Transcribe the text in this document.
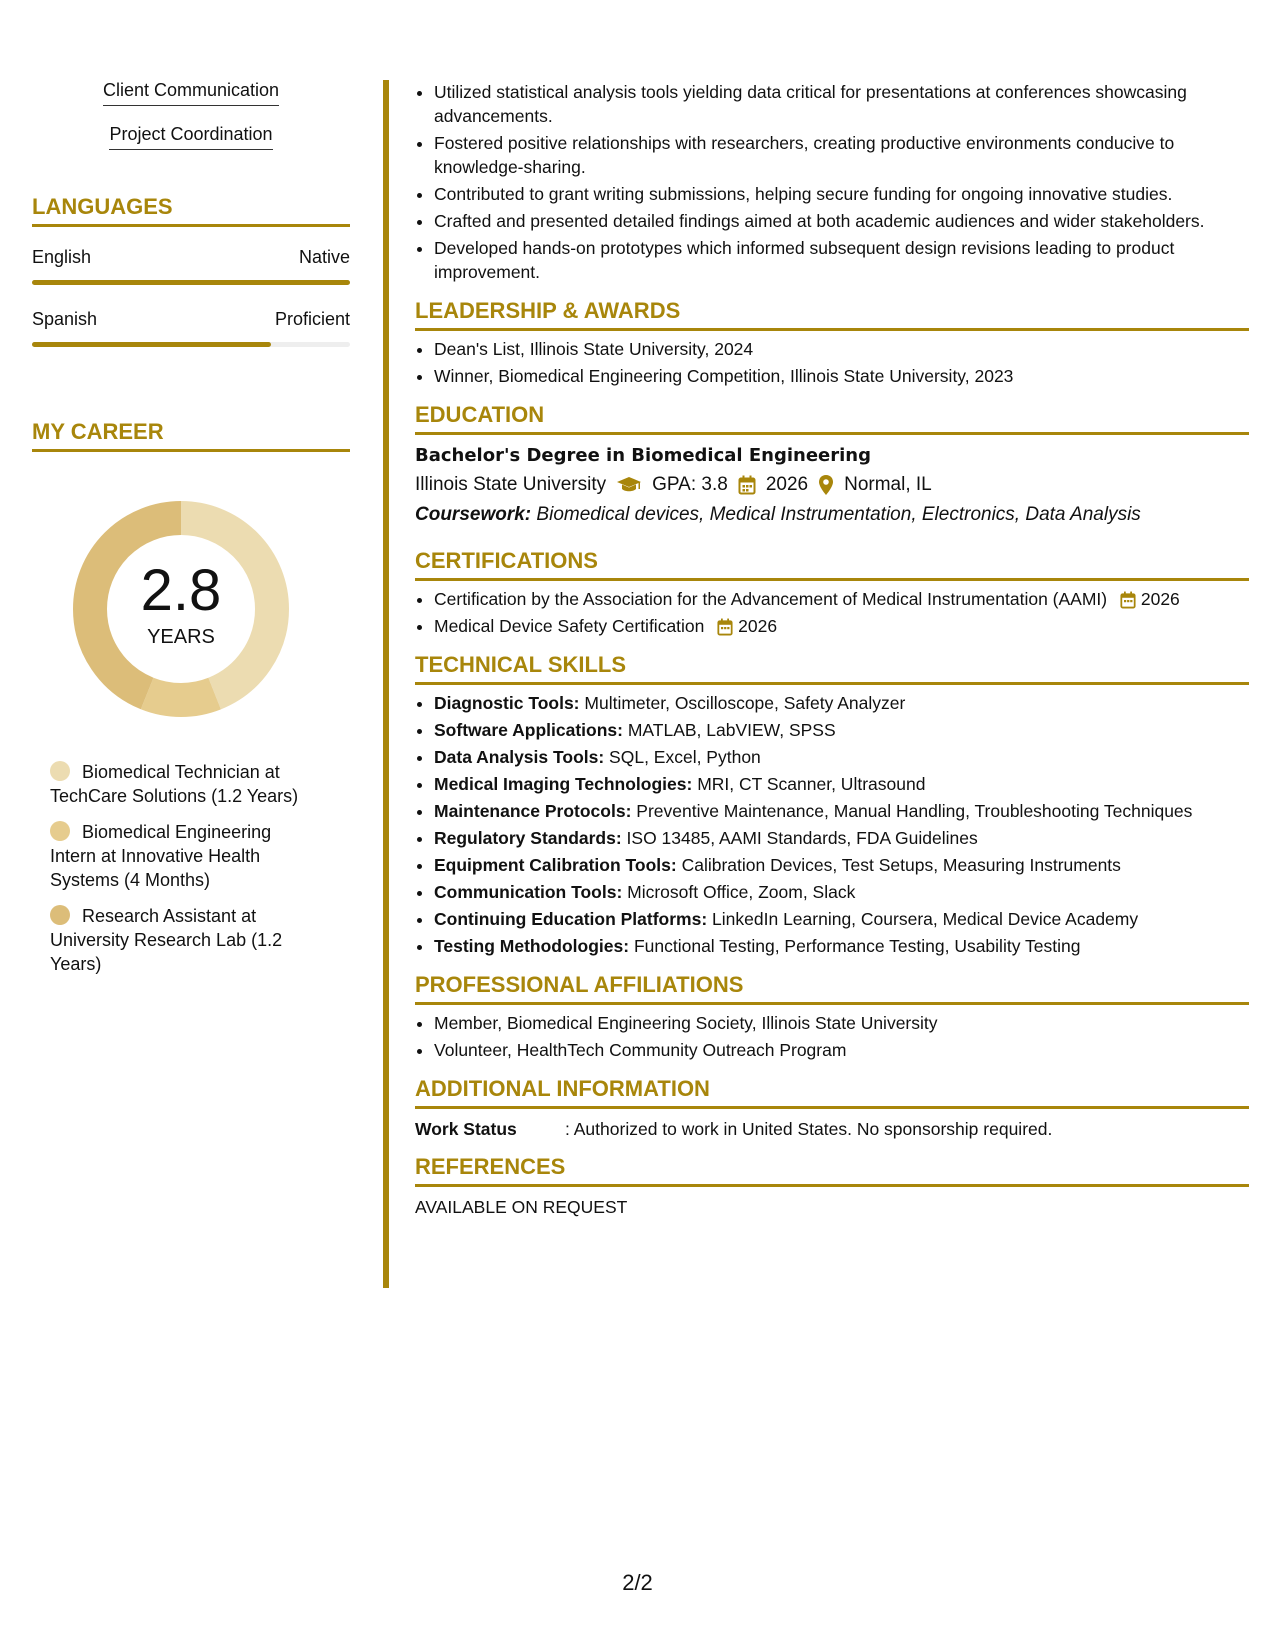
Client Communication
Project Coordination
LANGUAGES
English	Native
Spanish	Proficient
MY CAREER
2.8
YEARS
Biomedical Technician at TechCare Solutions (1.2 Years)
Biomedical Engineering Intern at Innovative Health Systems (4 Months)
Research Assistant at University Research Lab (1.2 Years)
• Utilized statistical analysis tools yielding data critical for presentations at conferences showcasing advancements.
• Fostered positive relationships with researchers, creating productive environments conducive to knowledge-sharing.
• Contributed to grant writing submissions, helping secure funding for ongoing innovative studies.
• Crafted and presented detailed findings aimed at both academic audiences and wider stakeholders.
• Developed hands-on prototypes which informed subsequent design revisions leading to product improvement.
LEADERSHIP & AWARDS
• Dean's List, Illinois State University, 2024
• Winner, Biomedical Engineering Competition, Illinois State University, 2023
EDUCATION
Bachelor's Degree in Biomedical Engineering
Illinois State University GPA: 3.8 2026 Normal, IL
Coursework: Biomedical devices, Medical Instrumentation, Electronics, Data Analysis
CERTIFICATIONS
• Certification by the Association for the Advancement of Medical Instrumentation (AAMI) 2026
• Medical Device Safety Certification 2026
TECHNICAL SKILLS
• Diagnostic Tools: Multimeter, Oscilloscope, Safety Analyzer
• Software Applications: MATLAB, LabVIEW, SPSS
• Data Analysis Tools: SQL, Excel, Python
• Medical Imaging Technologies: MRI, CT Scanner, Ultrasound
• Maintenance Protocols: Preventive Maintenance, Manual Handling, Troubleshooting Techniques
• Regulatory Standards: ISO 13485, AAMI Standards, FDA Guidelines
• Equipment Calibration Tools: Calibration Devices, Test Setups, Measuring Instruments
• Communication Tools: Microsoft Office, Zoom, Slack
• Continuing Education Platforms: LinkedIn Learning, Coursera, Medical Device Academy
• Testing Methodologies: Functional Testing, Performance Testing, Usability Testing
PROFESSIONAL AFFILIATIONS
• Member, Biomedical Engineering Society, Illinois State University
• Volunteer, HealthTech Community Outreach Program
ADDITIONAL INFORMATION
Work Status	: Authorized to work in United States. No sponsorship required.
REFERENCES
AVAILABLE ON REQUEST
2/2
